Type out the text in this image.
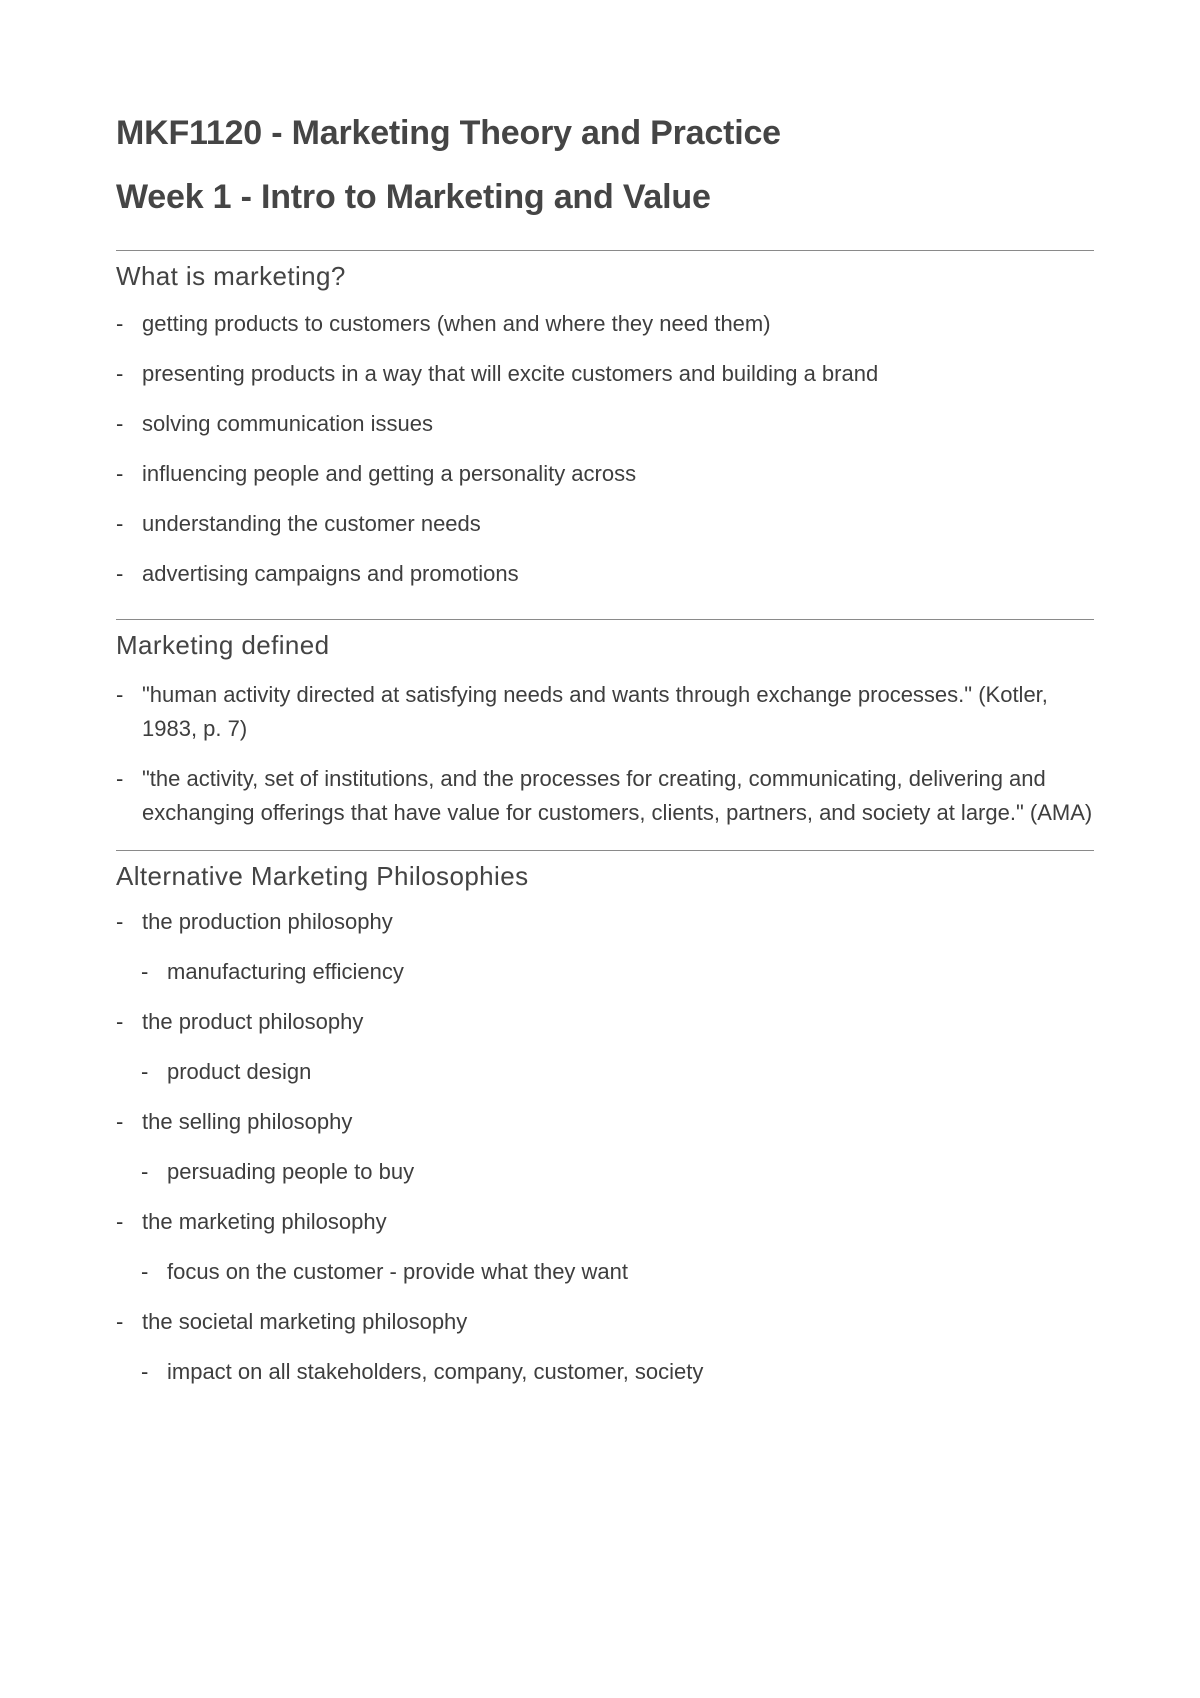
MKF1120 - Marketing Theory and Practice
Week 1 - Intro to Marketing and Value
What is marketing?
- getting products to customers (when and where they need them)
- presenting products in a way that will excite customers and building a brand
- solving communication issues
- influencing people and getting a personality across
- understanding the customer needs
- advertising campaigns and promotions
Marketing defined
- "human activity directed at satisfying needs and wants through exchange processes." (Kotler, 1983, p. 7)
- "the activity, set of institutions, and the processes for creating, communicating, delivering and exchanging offerings that have value for customers, clients, partners, and society at large." (AMA)
Alternative Marketing Philosophies
- the production philosophy
- manufacturing efficiency
- the product philosophy
- product design
- the selling philosophy
- persuading people to buy
- the marketing philosophy
- focus on the customer - provide what they want
- the societal marketing philosophy
- impact on all stakeholders, company, customer, society
